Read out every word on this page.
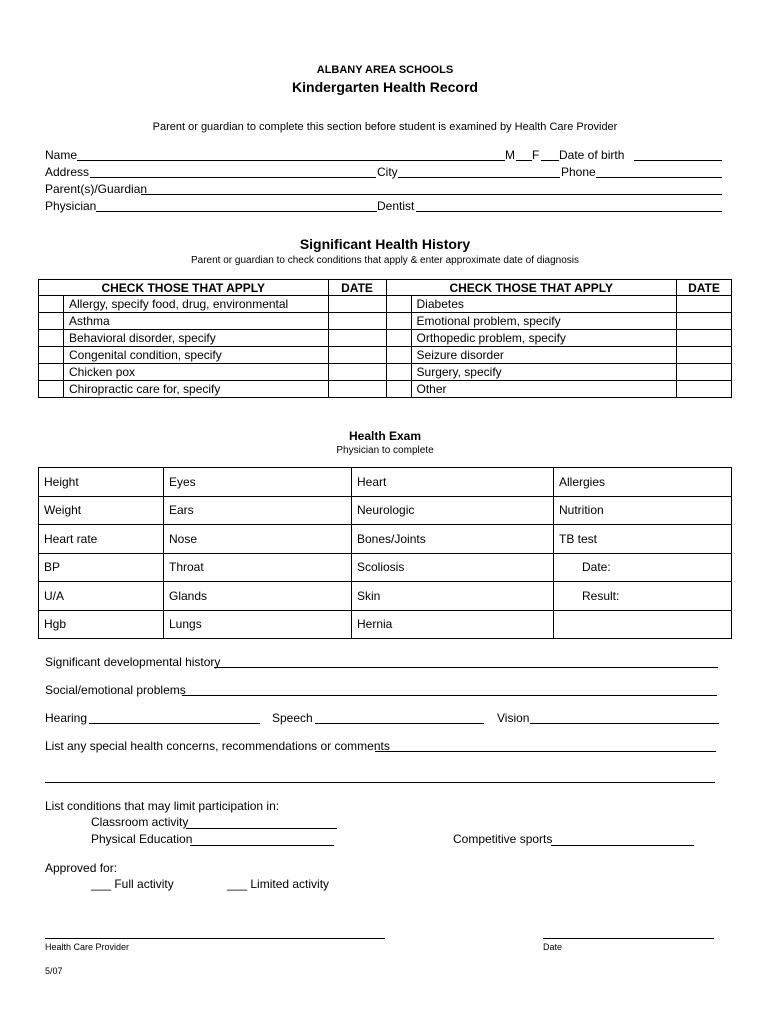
ALBANY AREA SCHOOLS
Kindergarten Health Record
Parent or guardian to complete this section before student is examined by Health Care Provider
Name	M F Date of birth
Address	City	Phone
Parent(s)/Guardian
Physician	Dentist
Significant Health History
Parent or guardian to check conditions that apply & enter approximate date of diagnosis
CHECK THOSE THAT APPLY		DATE	CHECK THOSE THAT APPLY		DATE
	Allergy, specify food, drug, environmental			Diabetes	
	Asthma			Emotional problem, specify	
	Behavioral disorder, specify			Orthopedic problem, specify	
	Congenital condition, specify			Seizure disorder	
	Chicken pox			Surgery, specify	
	Chiropractic care for, specify			Other	
Health Exam
Physician to complete
Height	Eyes	Heart	Allergies
Weight	Ears	Neurologic	Nutrition
Heart rate	Nose	Bones/Joints	TB test
BP	Throat	Scoliosis	Date:
U/A	Glands	Skin	Result:
Hgb	Lungs	Hernia	
Significant developmental history
Social/emotional problems
Hearing	Speech	Vision
List any special health concerns, recommendations or comments
List conditions that may limit participation in:
Classroom activity
Physical Education	Competitive sports
Approved for:
___ Full activity	___ Limited activity
Health Care Provider	Date
5/07
